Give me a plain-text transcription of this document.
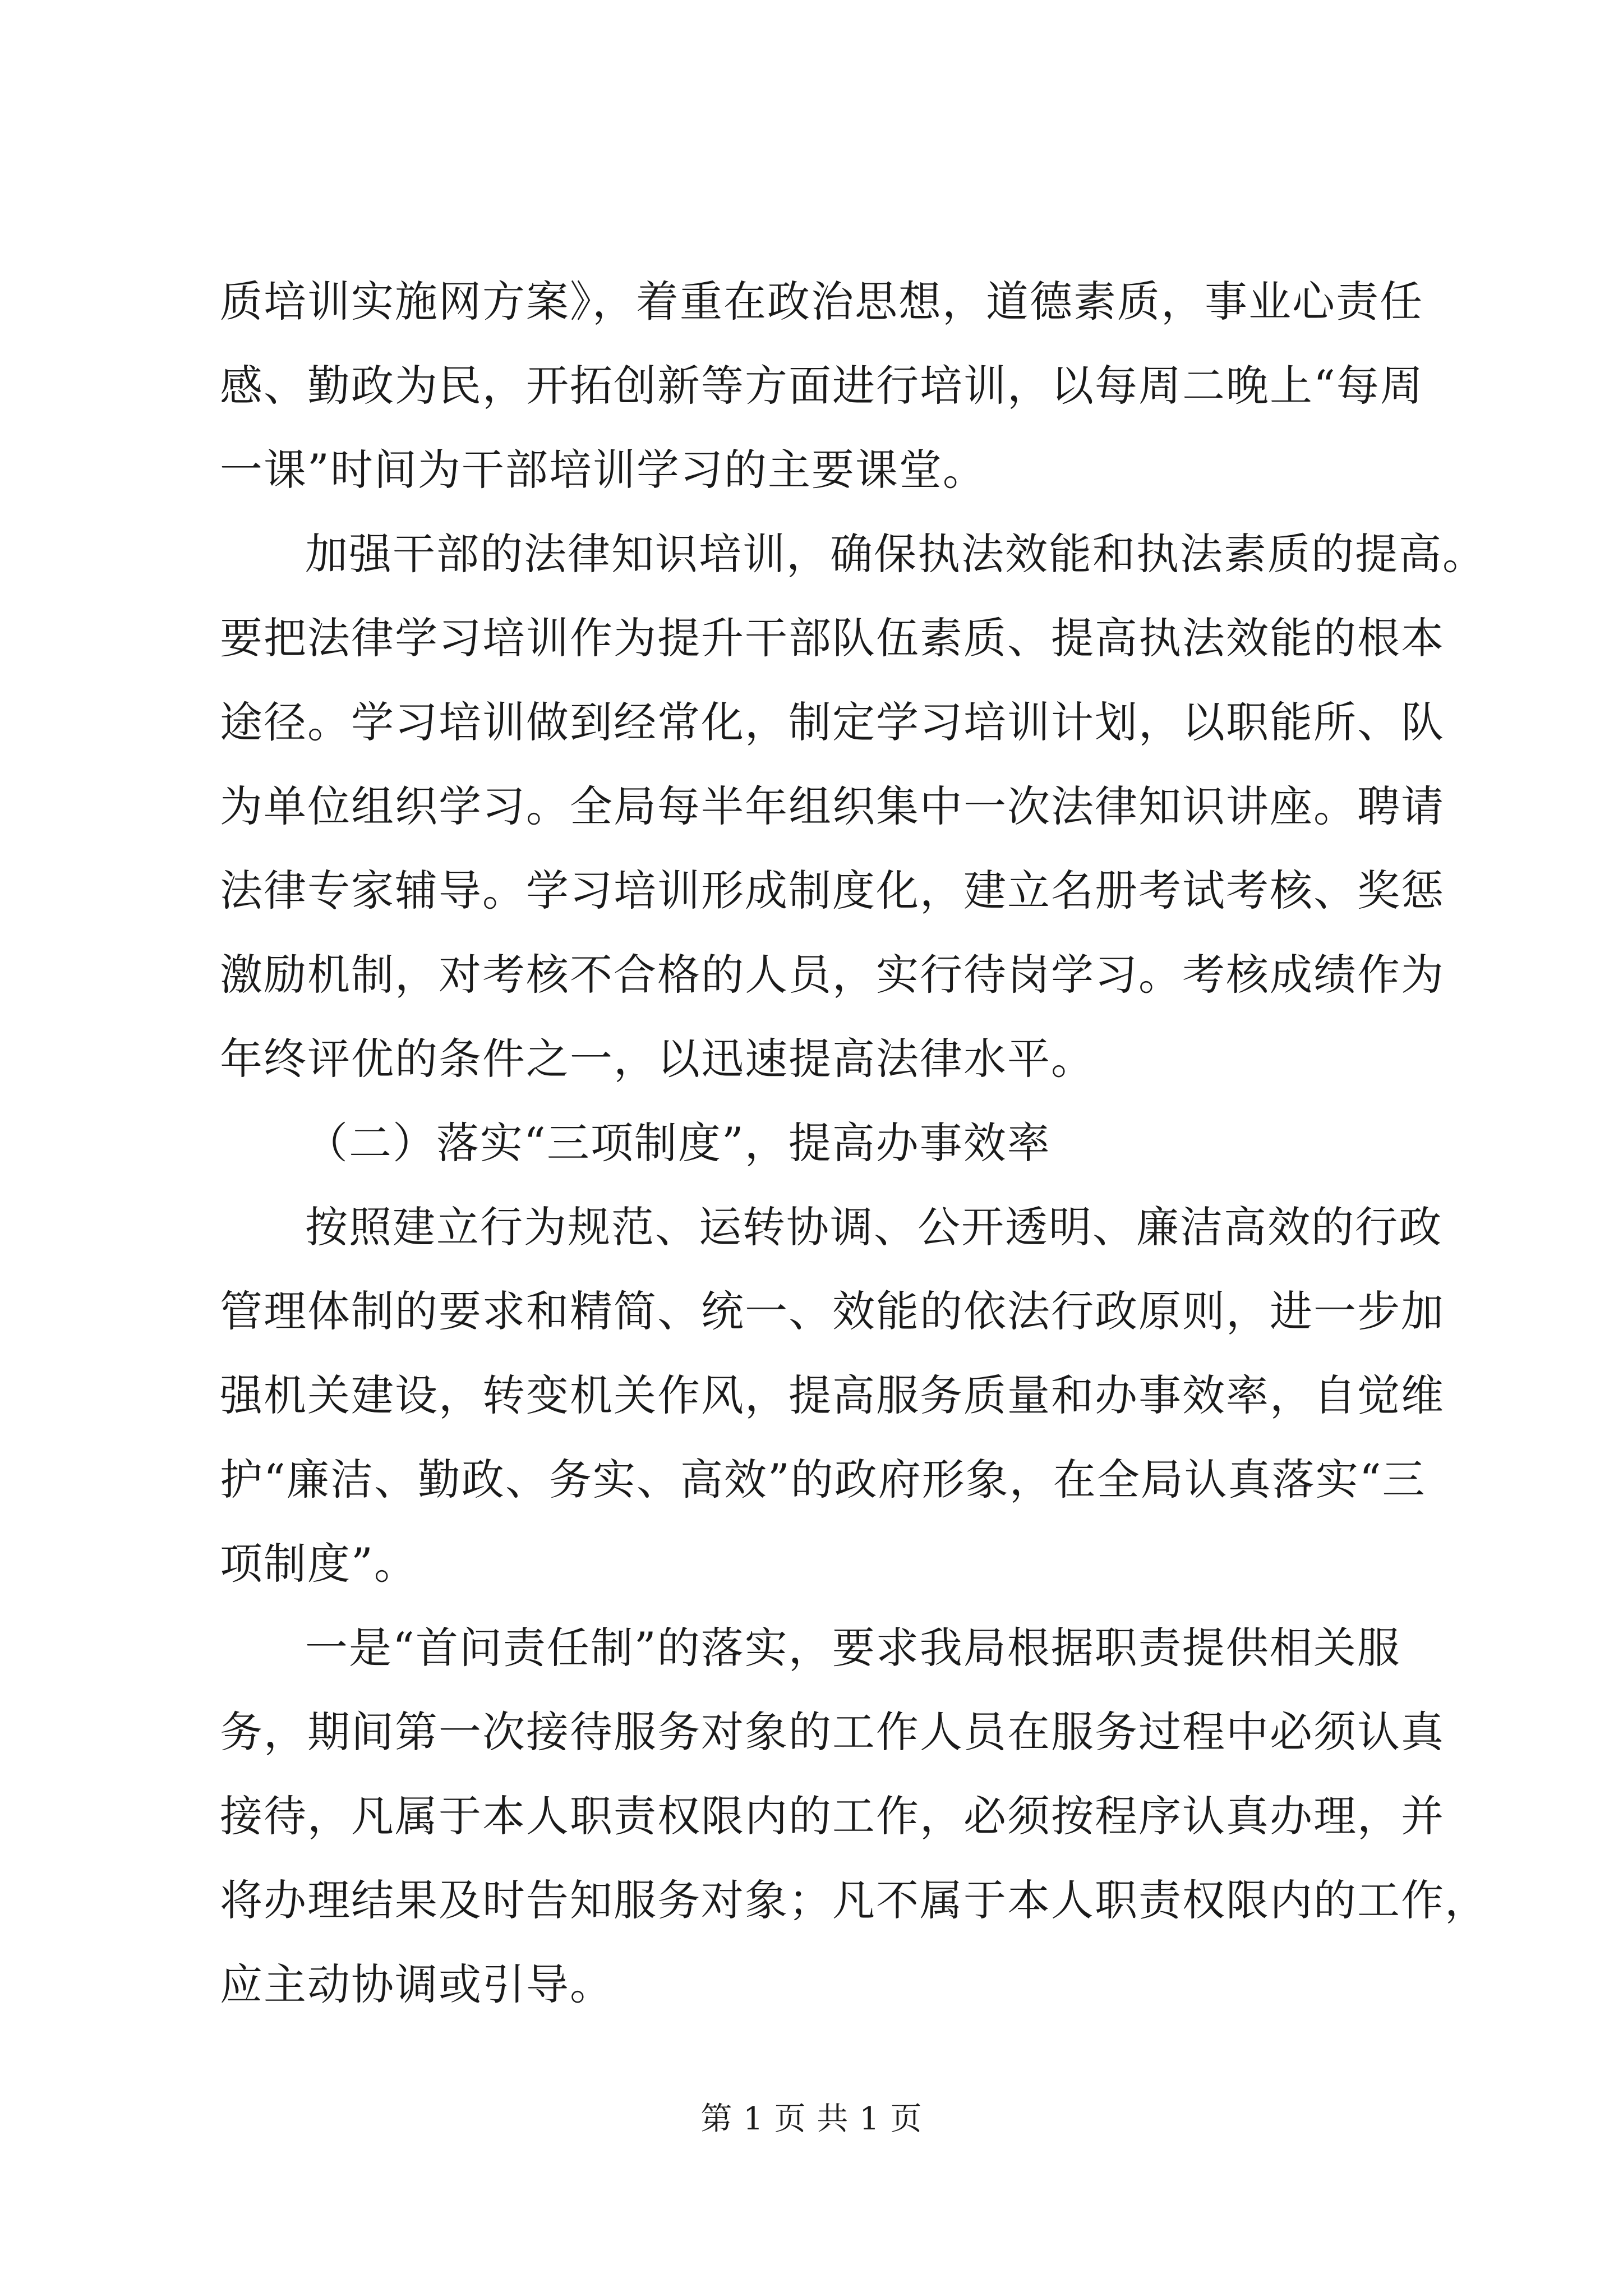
质培训实施网方案》，着重在政治思想，道德素质，事业心责任
感、勤政为民，开拓创新等方面进行培训，以每周二晚上“每周
一课”时间为干部培训学习的主要课堂。
加强干部的法律知识培训，确保执法效能和执法素质的提高。
要把法律学习培训作为提升干部队伍素质、提高执法效能的根本
途径。学习培训做到经常化，制定学习培训计划，以职能所、队
为单位组织学习。全局每半年组织集中一次法律知识讲座。聘请
法律专家辅导。学习培训形成制度化，建立名册考试考核、奖惩
激励机制，对考核不合格的人员，实行待岗学习。考核成绩作为
年终评优的条件之一，以迅速提高法律水平。
（二）落实“三项制度”，提高办事效率
按照建立行为规范、运转协调、公开透明、廉洁高效的行政
管理体制的要求和精简、统一、效能的依法行政原则，进一步加
强机关建设，转变机关作风，提高服务质量和办事效率，自觉维
护“廉洁、勤政、务实、高效”的政府形象，在全局认真落实“三
项制度”。
一是“首问责任制”的落实，要求我局根据职责提供相关服
务，期间第一次接待服务对象的工作人员在服务过程中必须认真
接待，凡属于本人职责权限内的工作，必须按程序认真办理，并
将办理结果及时告知服务对象；凡不属于本人职责权限内的工作，
应主动协调或引导。
第 1 页 共 1 页
